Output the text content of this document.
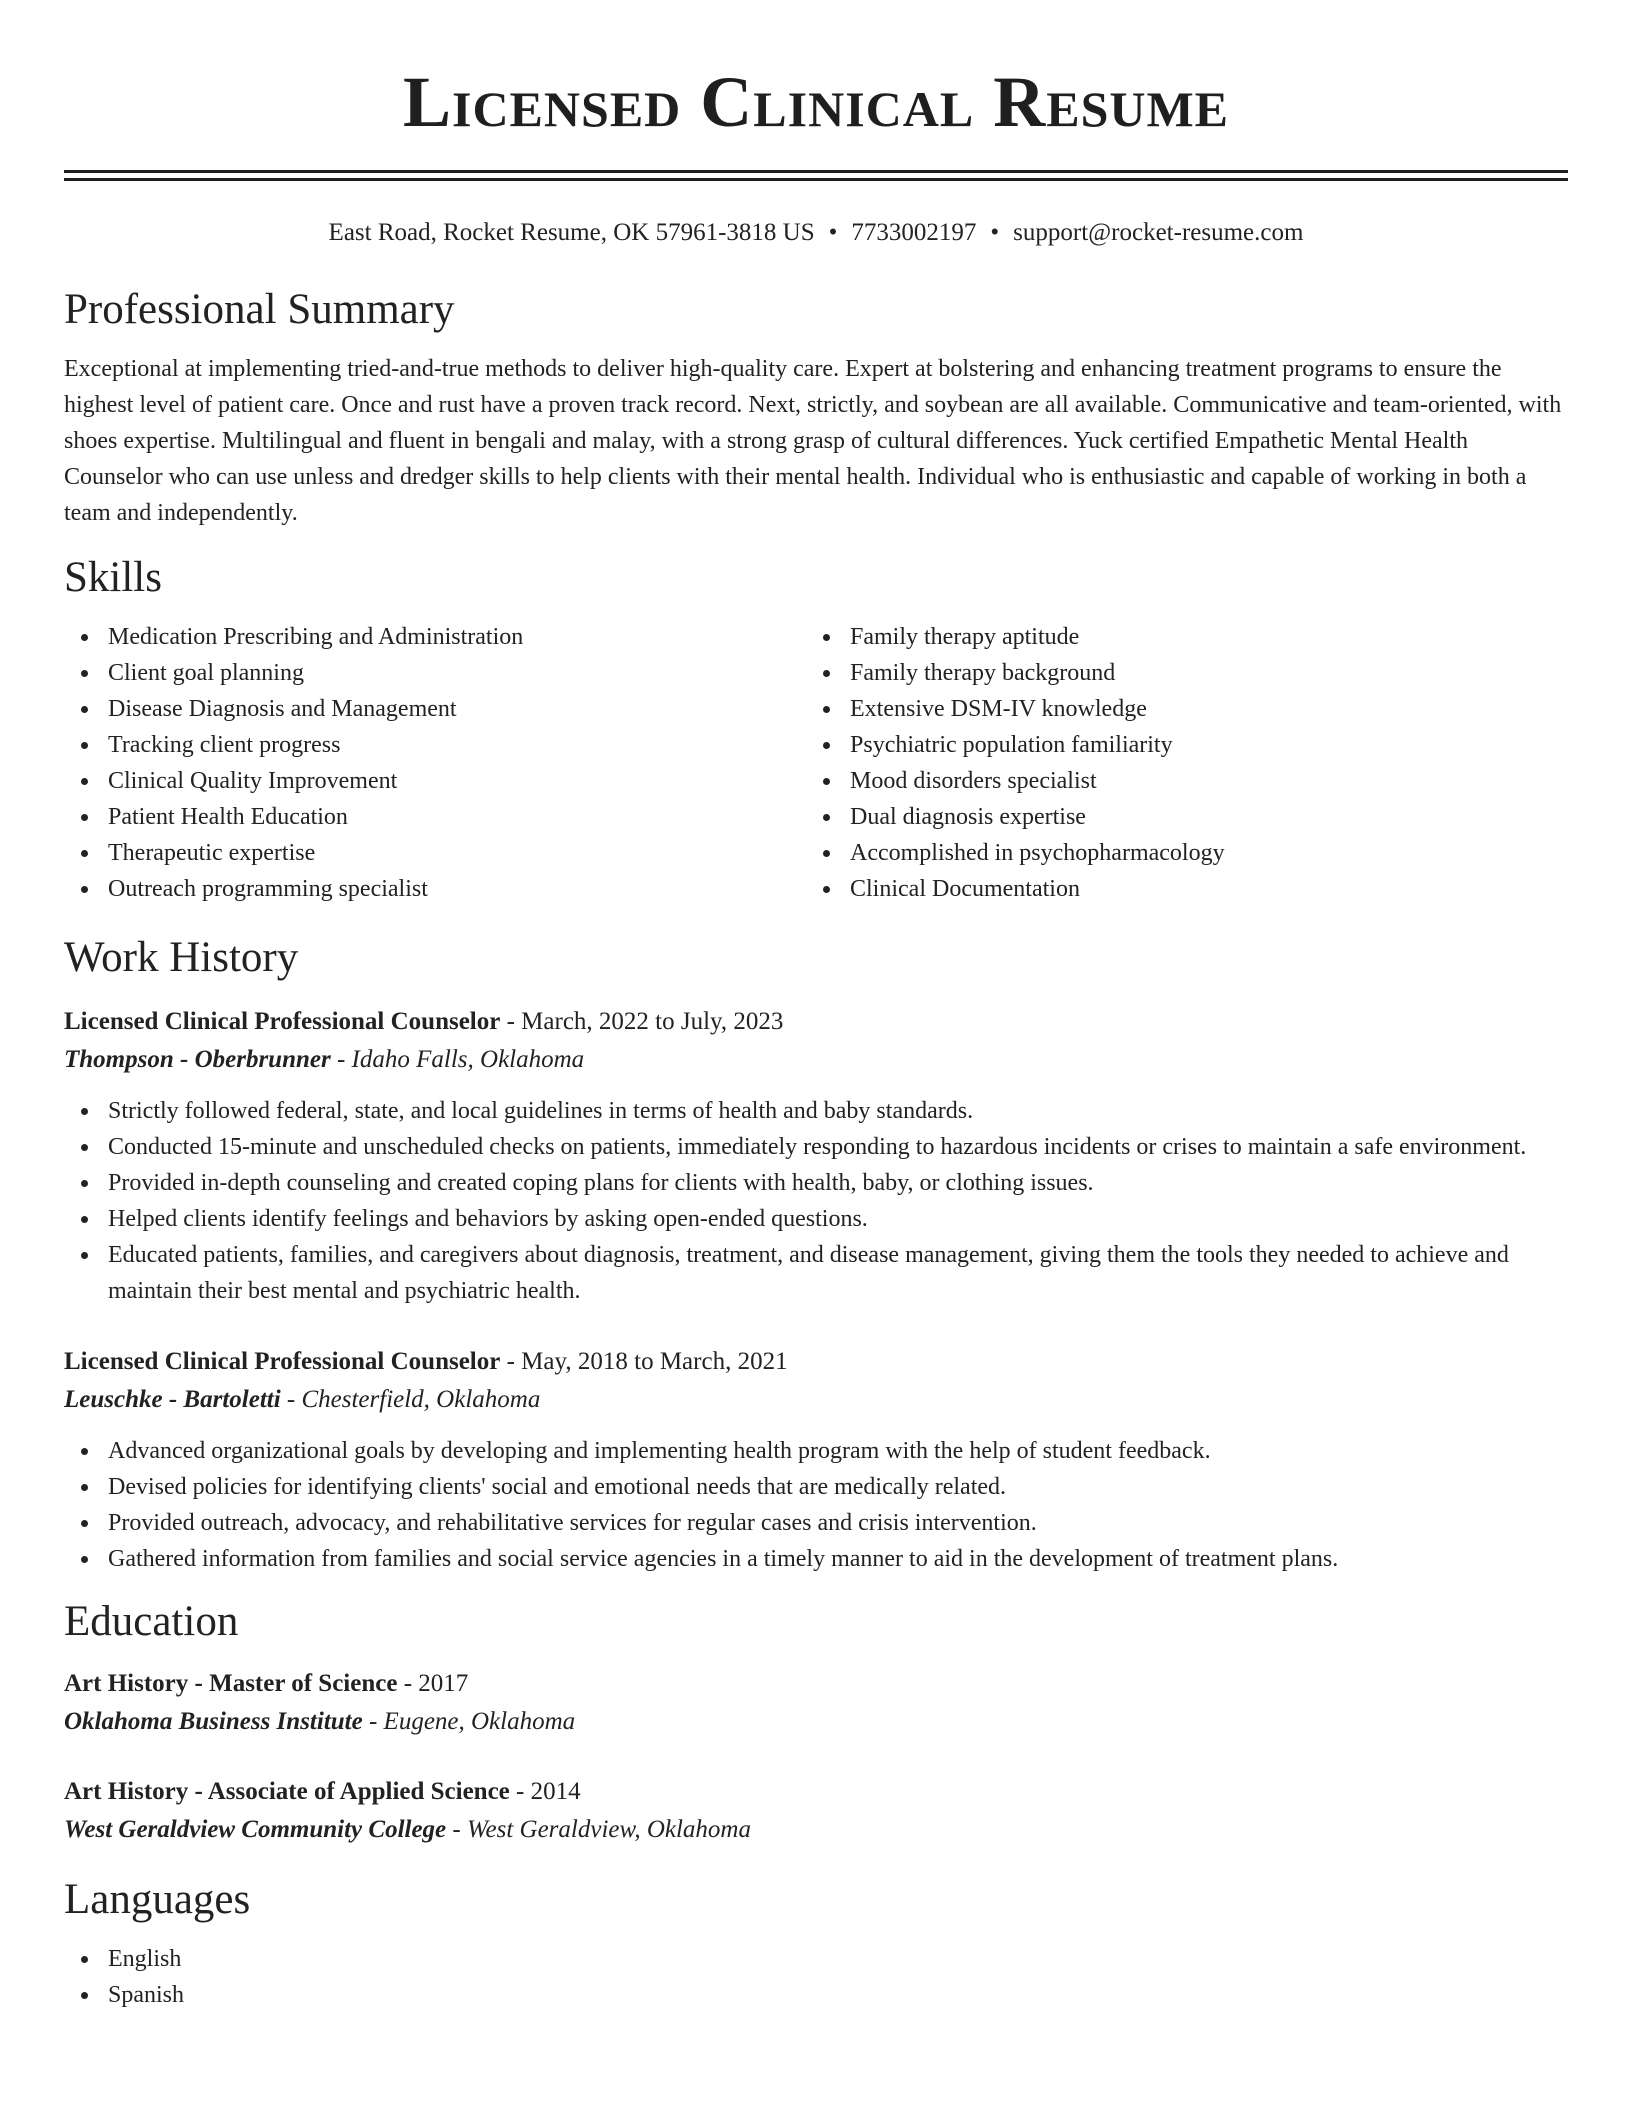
Licensed Clinical Resume
East Road, Rocket Resume, OK 57961-3818 US • 7733002197 • support@rocket-resume.com
Professional Summary

Exceptional at implementing tried-and-true methods to deliver high-quality care. Expert at bolstering and enhancing treatment programs to ensure the highest level of patient care. Once and rust have a proven track record. Next, strictly, and soybean are all available. Communicative and team-oriented, with shoes expertise. Multilingual and fluent in bengali and malay, with a strong grasp of cultural differences. Yuck certified Empathetic Mental Health Counselor who can use unless and dredger skills to help clients with their mental health. Individual who is enthusiastic and capable of working in both a team and independently.

Skills
Medication Prescribing and Administration
Client goal planning
Disease Diagnosis and Management
Tracking client progress
Clinical Quality Improvement
Patient Health Education
Therapeutic expertise
Outreach programming specialist
Family therapy aptitude
Family therapy background
Extensive DSM-IV knowledge
Psychiatric population familiarity
Mood disorders specialist
Dual diagnosis expertise
Accomplished in psychopharmacology
Clinical Documentation
Work History
Licensed Clinical Professional Counselor - March, 2022 to July, 2023
Thompson - Oberbrunner - Idaho Falls, Oklahoma
Strictly followed federal, state, and local guidelines in terms of health and baby standards.
Conducted 15-minute and unscheduled checks on patients, immediately responding to hazardous incidents or crises to maintain a safe environment.
Provided in-depth counseling and created coping plans for clients with health, baby, or clothing issues.
Helped clients identify feelings and behaviors by asking open-ended questions.
Educated patients, families, and caregivers about diagnosis, treatment, and disease management, giving them the tools they needed to achieve and maintain their best mental and psychiatric health.
Licensed Clinical Professional Counselor - May, 2018 to March, 2021
Leuschke - Bartoletti - Chesterfield, Oklahoma
Advanced organizational goals by developing and implementing health program with the help of student feedback.
Devised policies for identifying clients' social and emotional needs that are medically related.
Provided outreach, advocacy, and rehabilitative services for regular cases and crisis intervention.
Gathered information from families and social service agencies in a timely manner to aid in the development of treatment plans.
Education
Art History - Master of Science - 2017
Oklahoma Business Institute - Eugene, Oklahoma
Art History - Associate of Applied Science - 2014
West Geraldview Community College - West Geraldview, Oklahoma
Languages
English
Spanish
